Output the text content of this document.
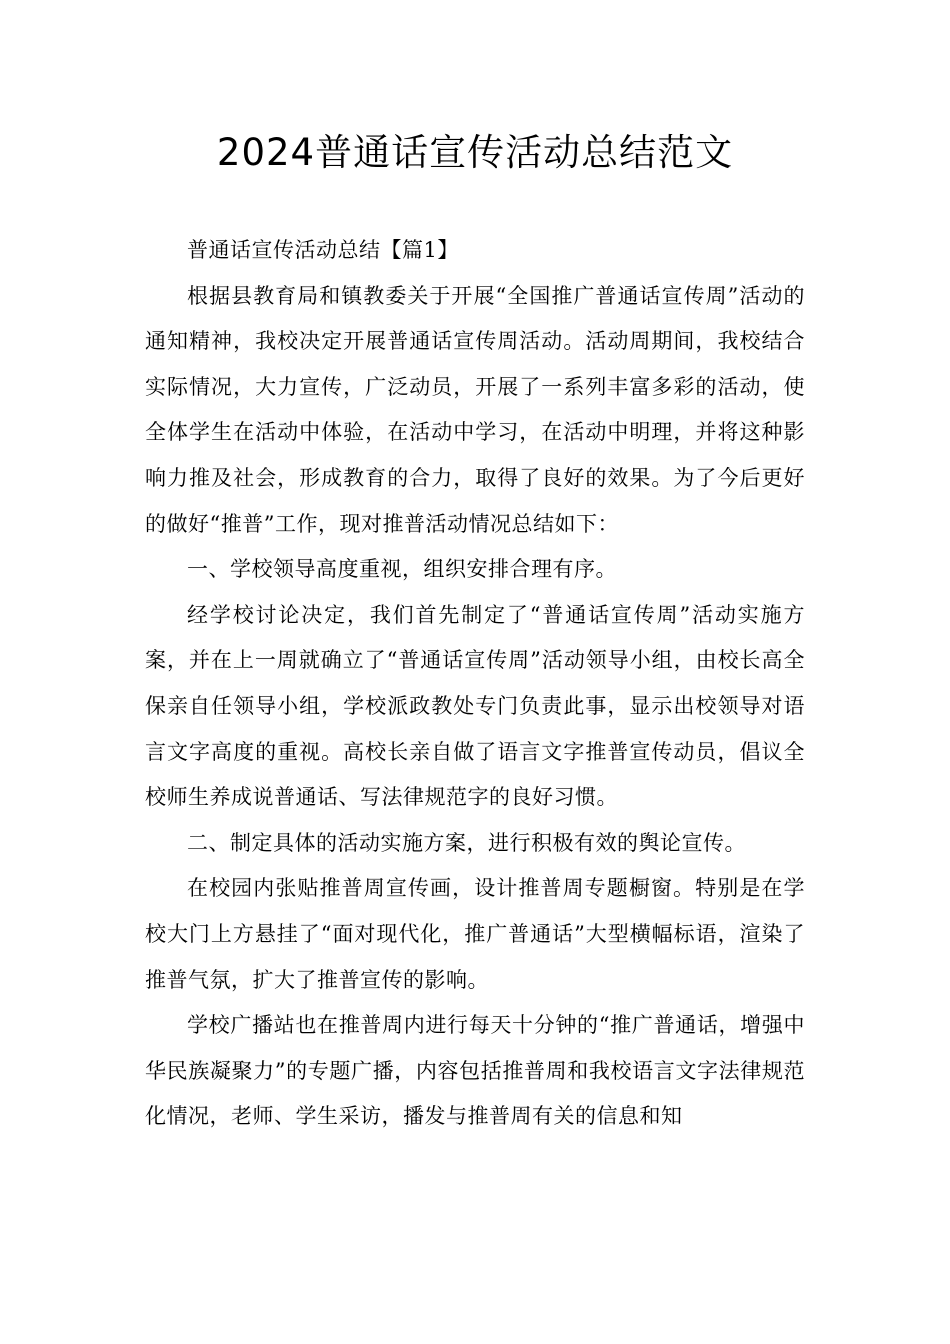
2024普通话宣传活动总结范文

普通话宣传活动总结【篇1】

根据县教育局和镇教委关于开展“全国推广普通话宣传周”活动的通知精神，我校决定开展普通话宣传周活动。活动周期间，我校结合实际情况，大力宣传，广泛动员，开展了一系列丰富多彩的活动，使全体学生在活动中体验，在活动中学习，在活动中明理，并将这种影响力推及社会，形成教育的合力，取得了良好的效果。为了今后更好的做好“推普”工作，现对推普活动情况总结如下：

一、学校领导高度重视，组织安排合理有序。

经学校讨论决定，我们首先制定了“普通话宣传周”活动实施方案，并在上一周就确立了“普通话宣传周”活动领导小组，由校长高全保亲自任领导小组，学校派政教处专门负责此事，显示出校领导对语言文字高度的重视。高校长亲自做了语言文字推普宣传动员，倡议全校师生养成说普通话、写法律规范字的良好习惯。

二、制定具体的活动实施方案，进行积极有效的舆论宣传。

在校园内张贴推普周宣传画，设计推普周专题橱窗。特别是在学校大门上方悬挂了“面对现代化，推广普通话”大型横幅标语，渲染了推普气氛，扩大了推普宣传的影响。

学校广播站也在推普周内进行每天十分钟的“推广普通话，增强中华民族凝聚力”的专题广播，内容包括推普周和我校语言文字法律规范化情况，老师、学生采访，播发与推普周有关的信息和知
